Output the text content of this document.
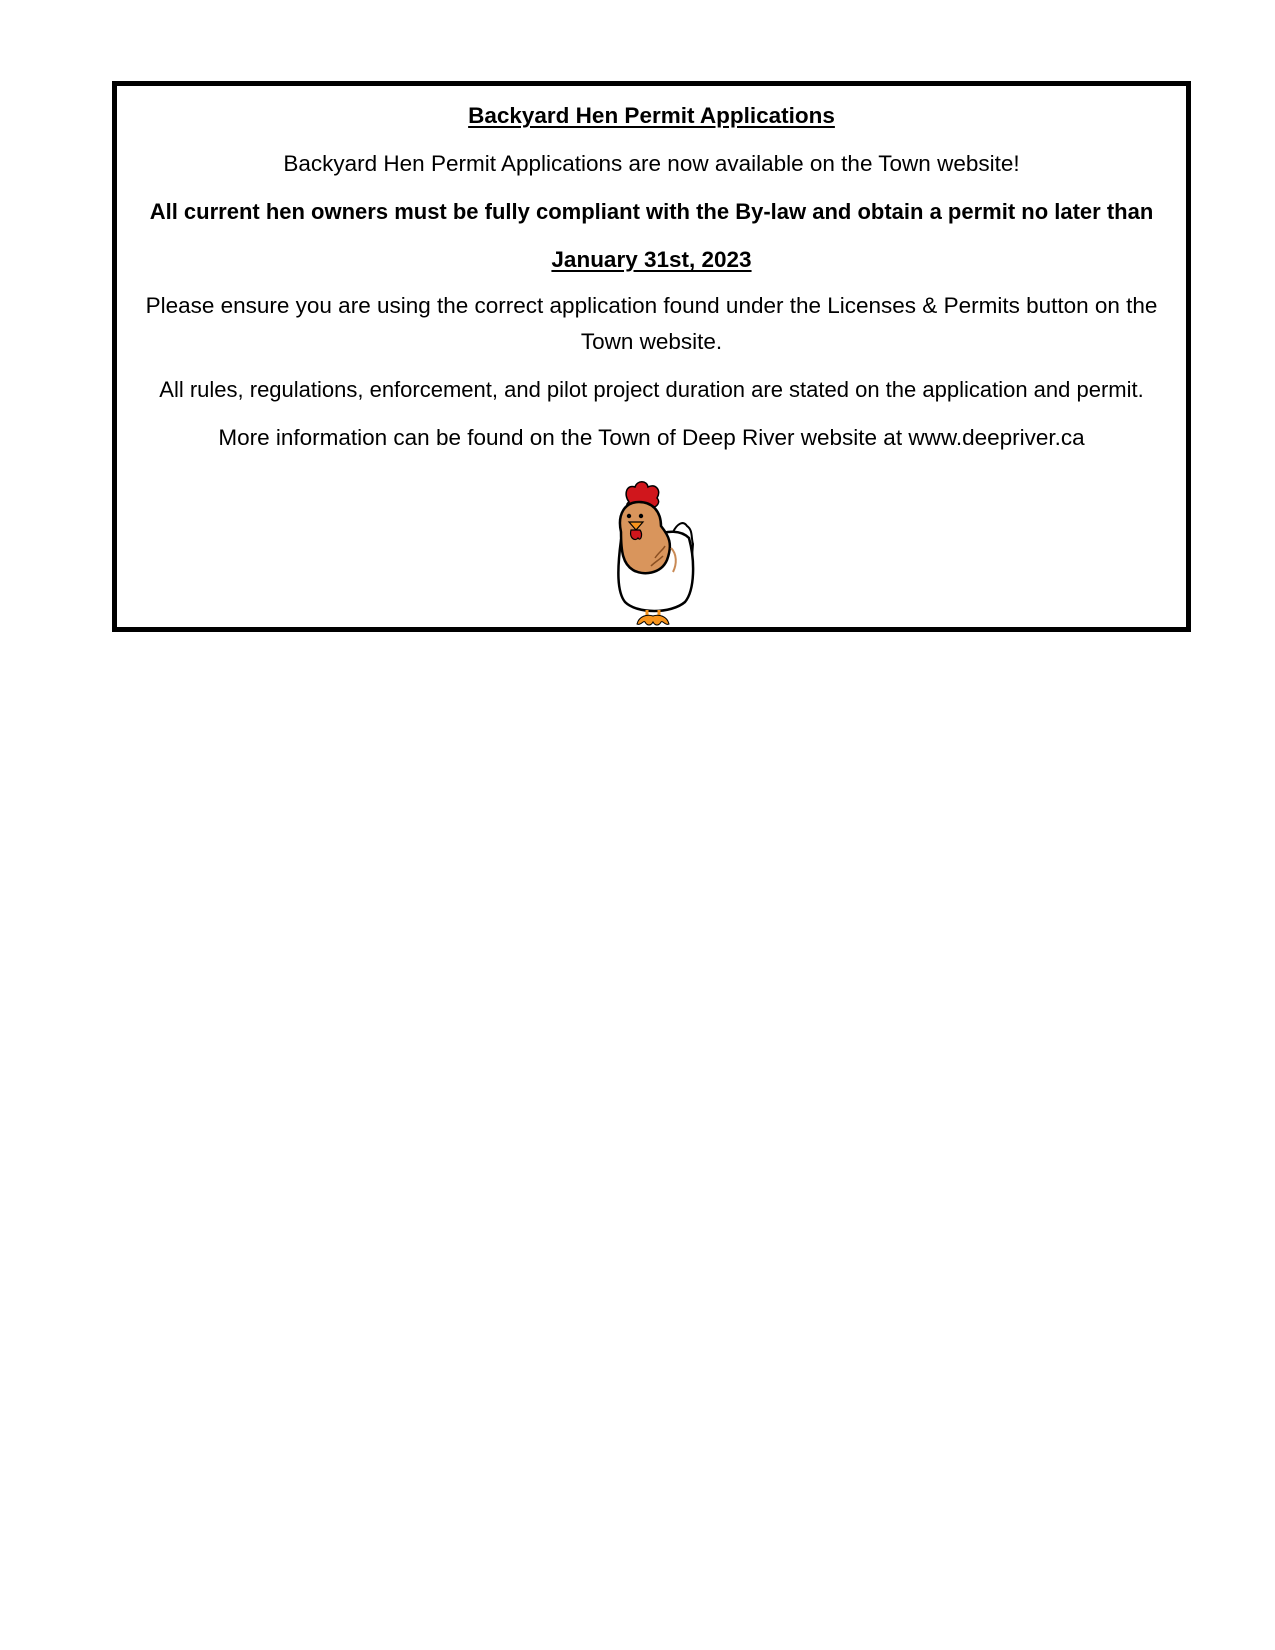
Backyard Hen Permit Applications
Backyard Hen Permit Applications are now available on the Town website!
All current hen owners must be fully compliant with the By-law and obtain a permit no later than
January 31st, 2023
Please ensure you are using the correct application found under the Licenses & Permits button on the Town website.
All rules, regulations, enforcement, and pilot project duration are stated on the application and permit.
More information can be found on the Town of Deep River website at www.deepriver.ca
